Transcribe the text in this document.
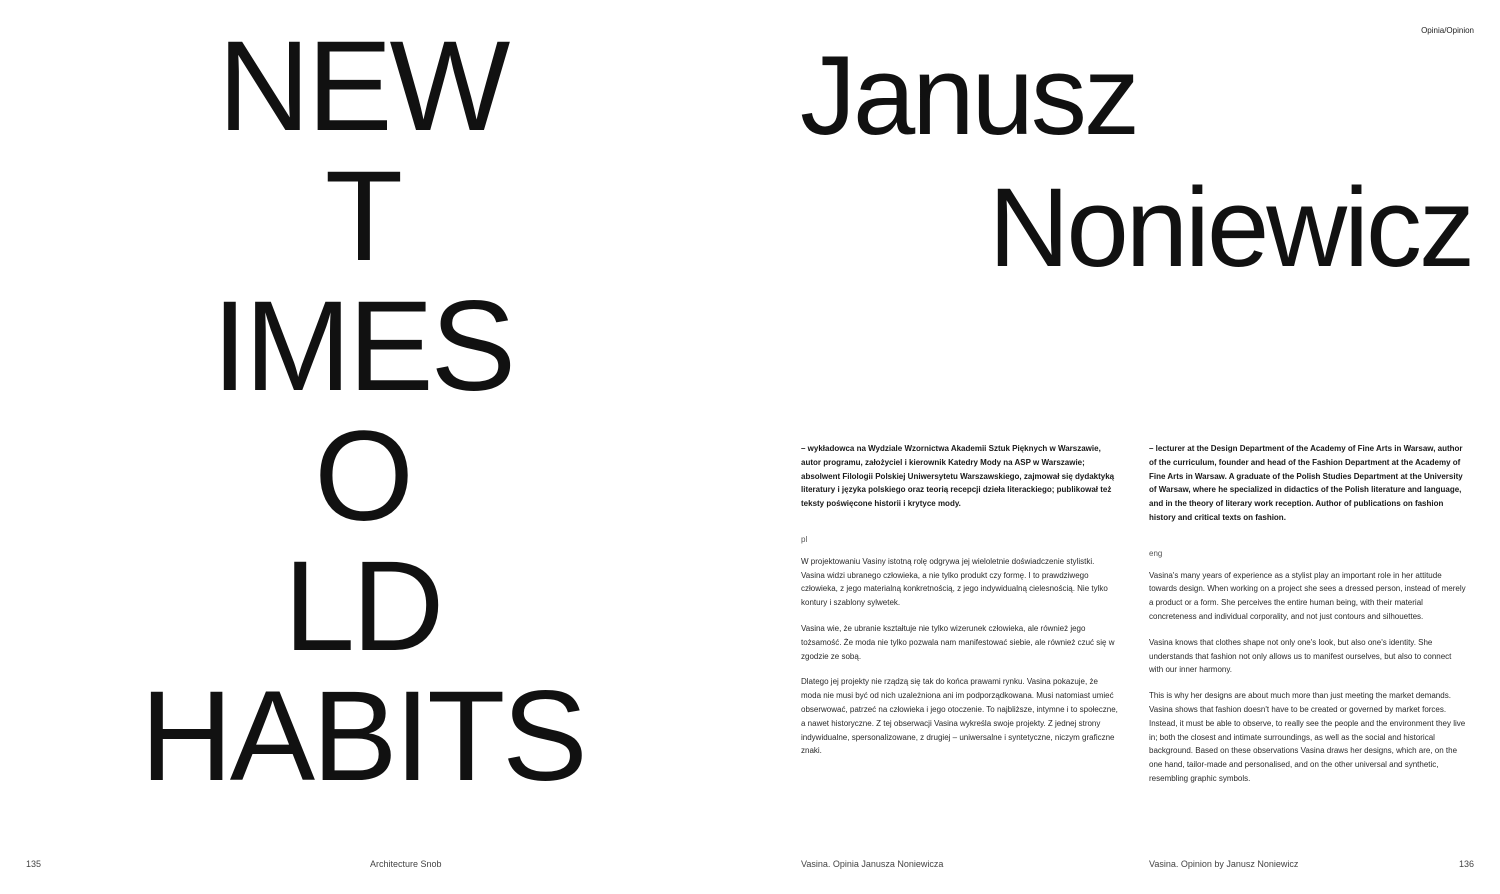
NEW
T
IMES
O
LD
HABITS
Opinia/Opinion
Janusz
Noniewicz

– wykładowca na Wydziale Wzornictwa Akademii Sztuk Pięknych w Warszawie, autor programu, założyciel i kierownik Katedry Mody na ASP w Warszawie; absolwent Filologii Polskiej Uniwersytetu Warszawskiego, zajmował się dydaktyką literatury i języka polskiego oraz teorią recepcji dzieła literackiego; publikował też teksty poświęcone historii i krytyce mody.

pl

W projektowaniu Vasiny istotną rolę odgrywa jej wieloletnie doświadczenie stylistki. Vasina widzi ubranego człowieka, a nie tylko produkt czy formę. I to prawdziwego człowieka, z jego materialną konkretnością, z jego indywidualną cielesnością. Nie tylko kontury i szablony sylwetek.

Vasina wie, że ubranie kształtuje nie tylko wizerunek człowieka, ale również jego tożsamość. Że moda nie tylko pozwala nam manifestować siebie, ale również czuć się w zgodzie ze sobą.

Dlatego jej projekty nie rządzą się tak do końca prawami rynku. Vasina pokazuje, że moda nie musi być od nich uzależniona ani im podporządkowana. Musi natomiast umieć obserwować, patrzeć na człowieka i jego otoczenie. To najbliższe, intymne i to społeczne, a nawet historyczne. Z tej obserwacji Vasina wykreśla swoje projekty. Z jednej strony indywidualne, spersonalizowane, z drugiej – uniwersalne i syntetyczne, niczym graficzne znaki.

– lecturer at the Design Department of the Academy of Fine Arts in Warsaw, author of the curriculum, founder and head of the Fashion Department at the Academy of Fine Arts in Warsaw. A graduate of the Polish Studies Department at the University of Warsaw, where he specialized in didactics of the Polish literature and language, and in the theory of literary work reception. Author of publications on fashion history and critical texts on fashion.

eng

Vasina's many years of experience as a stylist play an important role in her attitude towards design. When working on a project she sees a dressed person, instead of merely a product or a form. She perceives the entire human being, with their material concreteness and individual corporality, and not just contours and silhouettes.

Vasina knows that clothes shape not only one's look, but also one's identity. She understands that fashion not only allows us to manifest ourselves, but also to connect with our inner harmony.

This is why her designs are about much more than just meeting the market demands. Vasina shows that fashion doesn't have to be created or governed by market forces. Instead, it must be able to observe, to really see the people and the environment they live in; both the closest and intimate surroundings, as well as the social and historical background. Based on these observations Vasina draws her designs, which are, on the one hand, tailor-made and personalised, and on the other universal and synthetic, resembling graphic symbols.

135	Architecture Snob	Vasina. Opinia Janusza Noniewicza	Vasina. Opinion by Janusz Noniewicz	136
